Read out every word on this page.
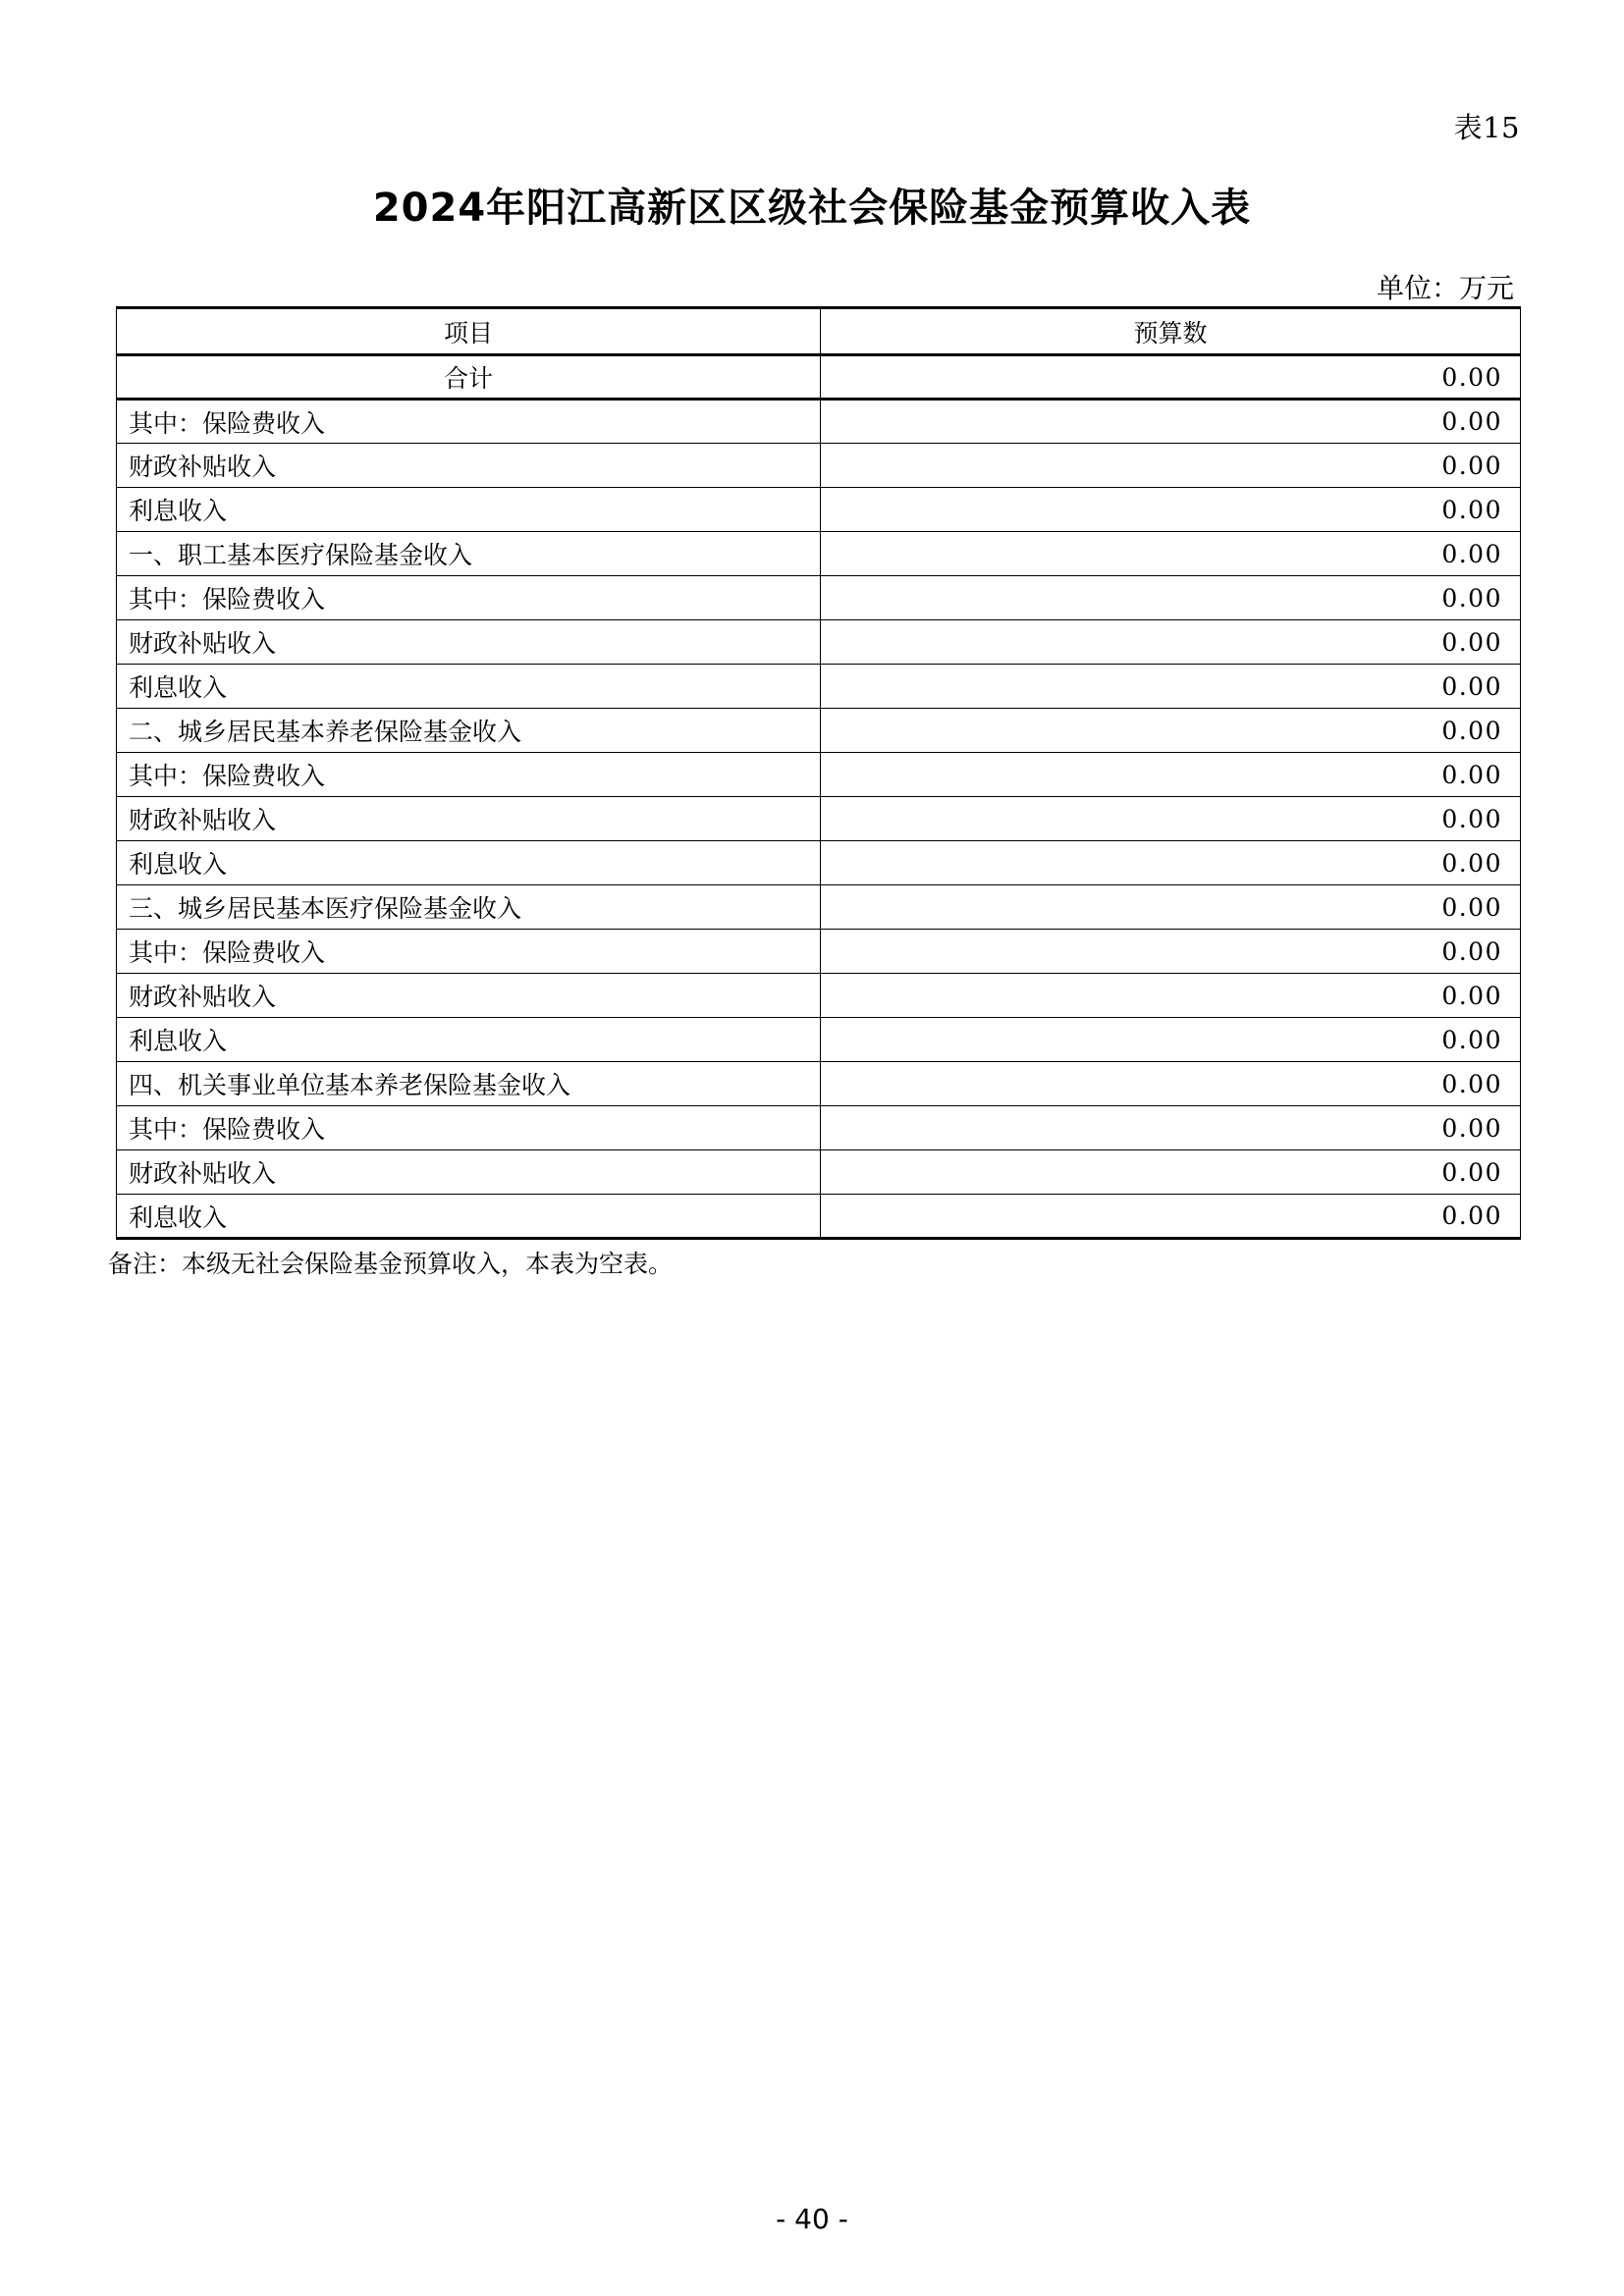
表15
2024年阳江高新区区级社会保险基金预算收入表
单位：万元
项目	预算数
合计	0.00
其中：保险费收入	0.00
财政补贴收入	0.00
利息收入	0.00
一、职工基本医疗保险基金收入	0.00
其中：保险费收入	0.00
财政补贴收入	0.00
利息收入	0.00
二、城乡居民基本养老保险基金收入	0.00
其中：保险费收入	0.00
财政补贴收入	0.00
利息收入	0.00
三、城乡居民基本医疗保险基金收入	0.00
其中：保险费收入	0.00
财政补贴收入	0.00
利息收入	0.00
四、机关事业单位基本养老保险基金收入	0.00
其中：保险费收入	0.00
财政补贴收入	0.00
利息收入	0.00
备注：本级无社会保险基金预算收入，本表为空表。
- 40 -
